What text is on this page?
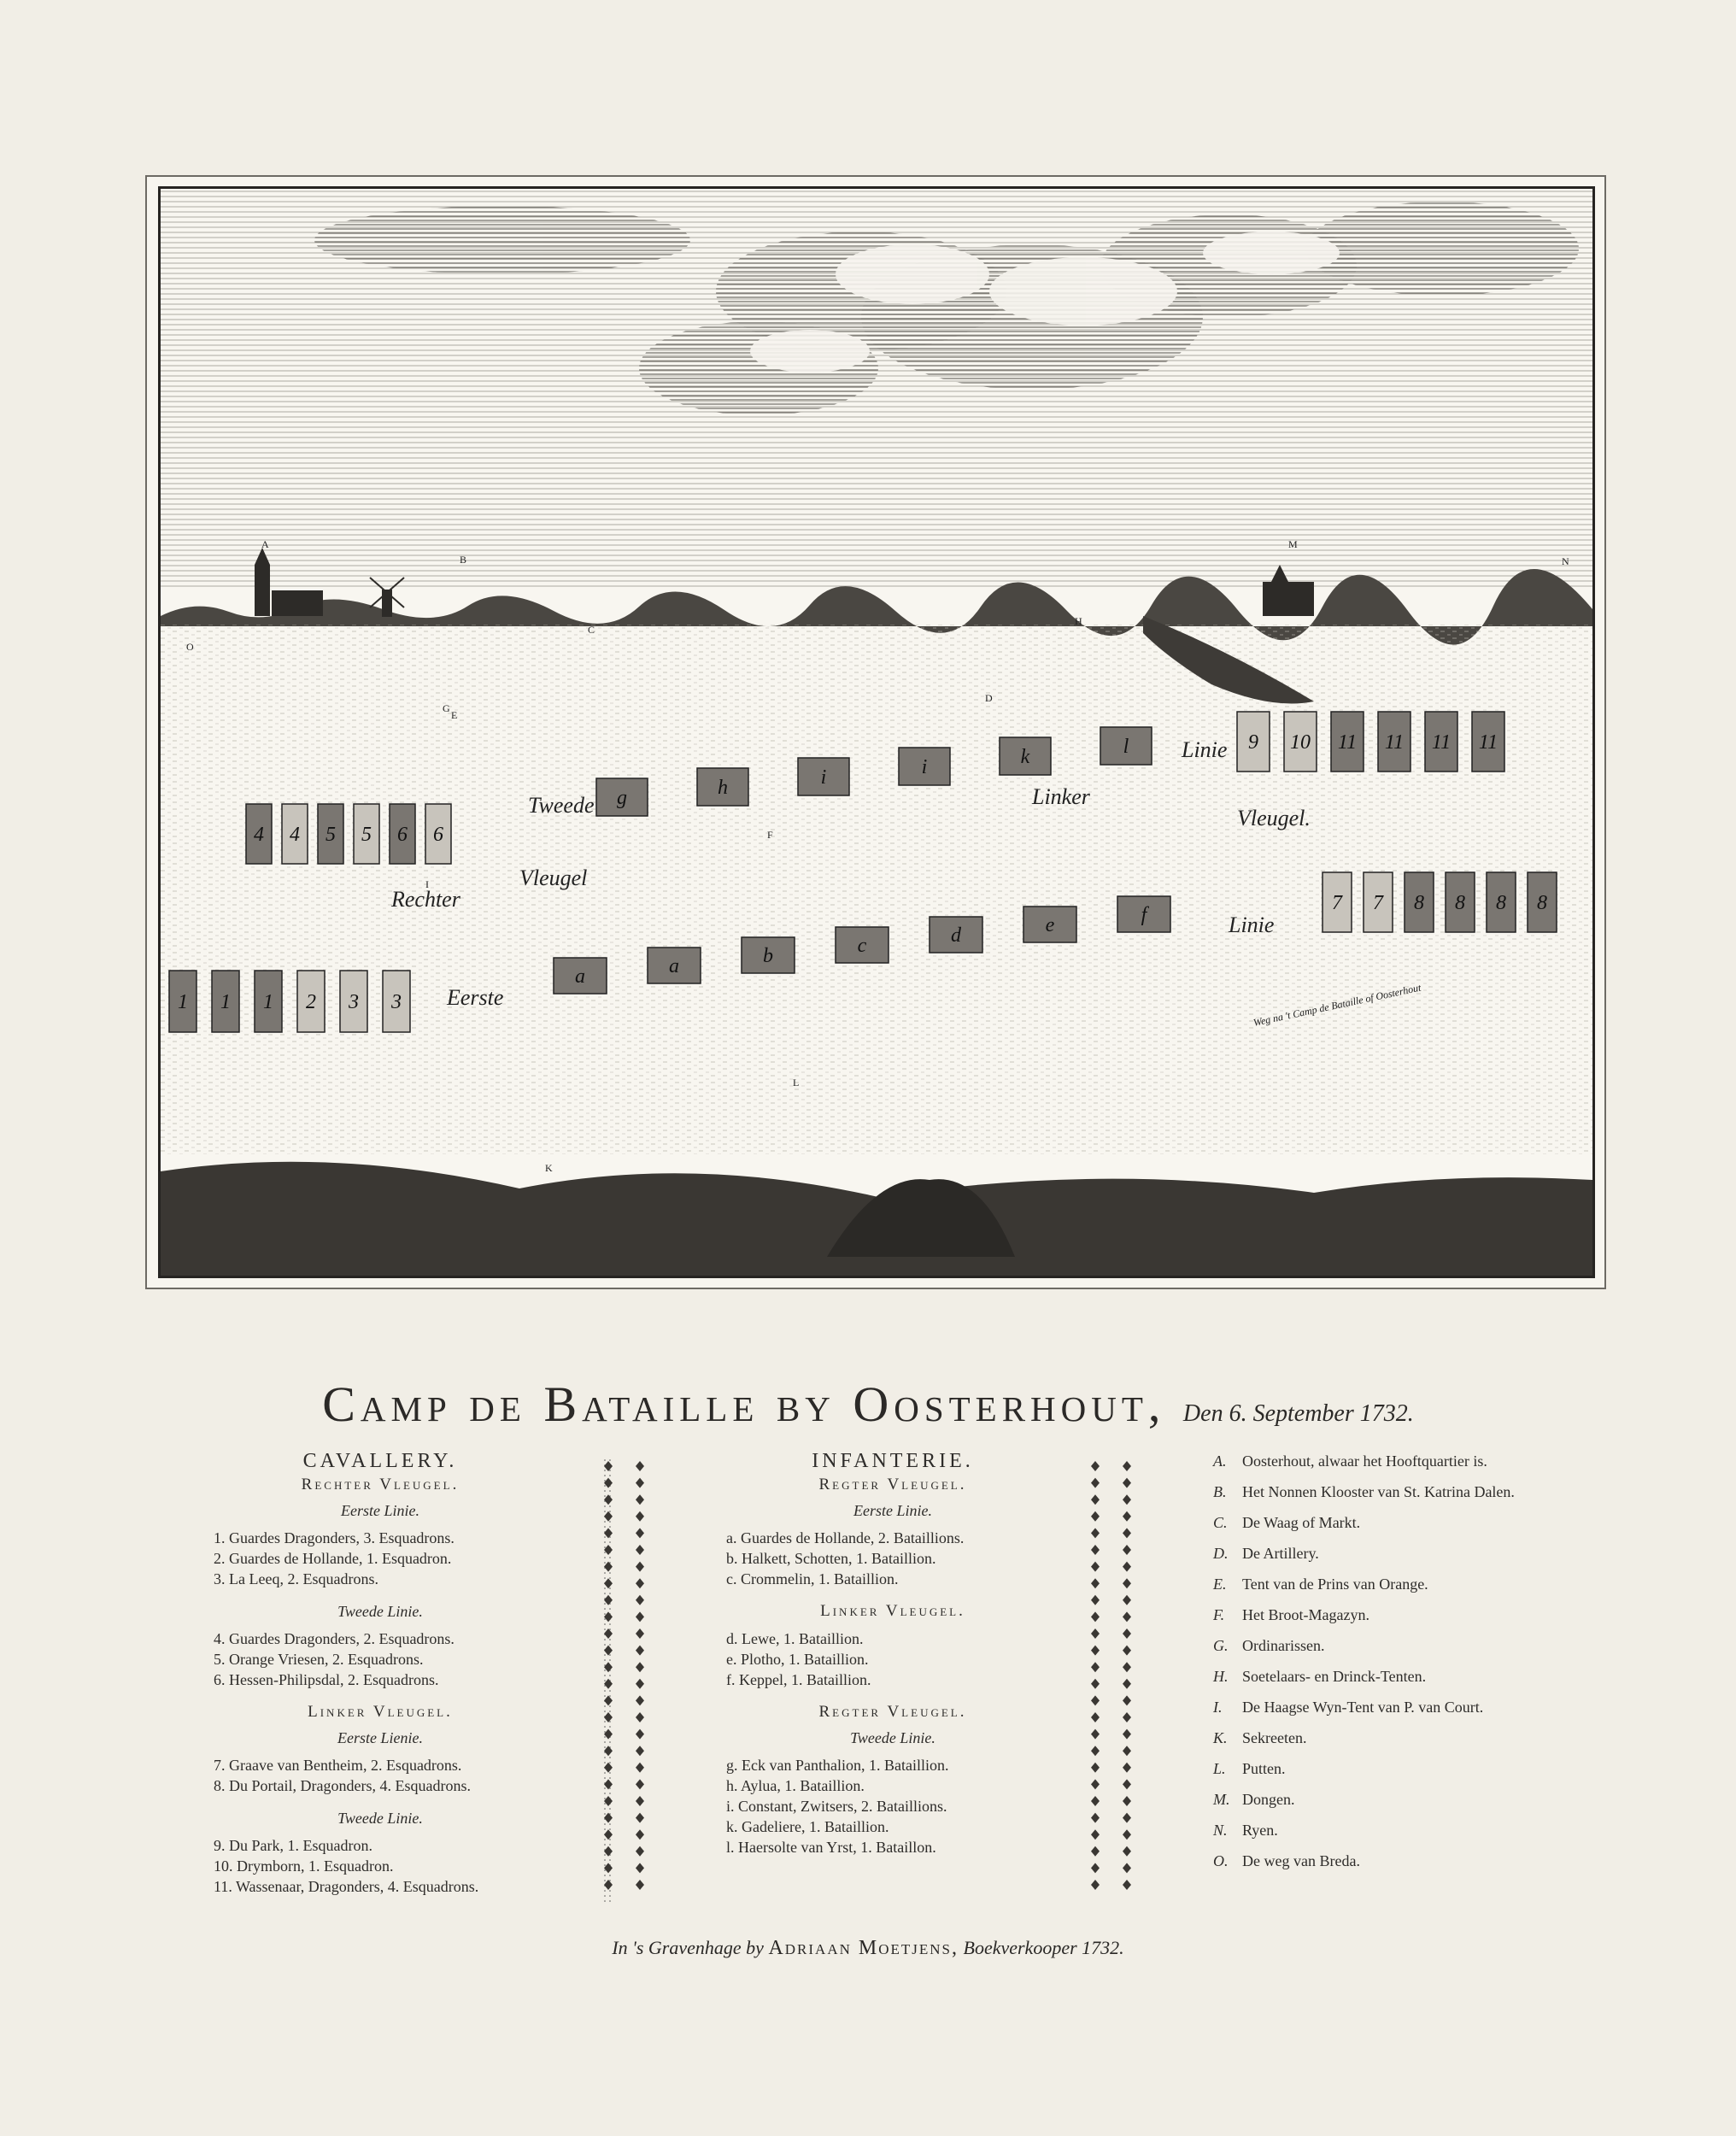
4 4 5 5 6 6
g	h	i	i	k	l	9 10 11 11 11 11
7 7 8 8 8 8
a	a	b	c	d	e	f
1 1 1 2 3 3
Tweede
Linie
Rechter
Vleugel
Linker
Vleugel.
Linie
Eerste	Weg na 't Camp de Bataille of Oosterhout
A
B
C
D
E
F
G
H
I
K
L
M
N
O
Camp de Bataille by Oosterhout, Den 6. September 1732.
CAVALLERY.
Rechter Vleugel.
Eerste Linie.
1. Guardes Dragonders, 3. Esquadrons.
2. Guardes de Hollande, 1. Esquadron.
3. La Leeq, 2. Esquadrons.
Tweede Linie.
4. Guardes Dragonders, 2. Esquadrons.
5. Orange Vriesen, 2. Esquadrons.
6. Hessen-Philipsdal, 2. Esquadrons.
Linker Vleugel.
Eerste Lienie.
7. Graave van Bentheim, 2. Esquadrons.
8. Du Portail, Dragonders, 4. Esquadrons.
Tweede Linie.
9. Du Park, 1. Esquadron.
10. Drymborn, 1. Esquadron.
11. Wassenaar, Dragonders, 4. Esquadrons.
INFANTERIE.
Regter Vleugel.
Eerste Linie.
a. Guardes de Hollande, 2. Bataillions.
b. Halkett, Schotten, 1. Bataillion.
c. Crommelin, 1. Bataillion.
Linker Vleugel.
d. Lewe, 1. Bataillion.
e. Plotho, 1. Bataillion.
f. Keppel, 1. Bataillion.
Regter Vleugel.
Tweede Linie.
g. Eck van Panthalion, 1. Bataillion.
h. Aylua, 1. Bataillion.
i. Constant, Zwitsers, 2. Bataillions.
k. Gadeliere, 1. Bataillion.
l. Haersolte van Yrst, 1. Bataillon.
A. Oosterhout, alwaar het Hooftquartier is.
B. Het Nonnen Klooster van St. Katrina Dalen.
C. De Waag of Markt.
D. De Artillery.
E. Tent van de Prins van Orange.
F. Het Broot-Magazyn.
G. Ordinarissen.
H. Soetelaars- en Drinck-Tenten.
I. De Haagse Wyn-Tent van P. van Court.
K. Sekreeten.
L. Putten.
M. Dongen.
N. Ryen.
O. De weg van Breda.
In 's Gravenhage by Adriaan Moetjens, Boekverkooper 1732.
